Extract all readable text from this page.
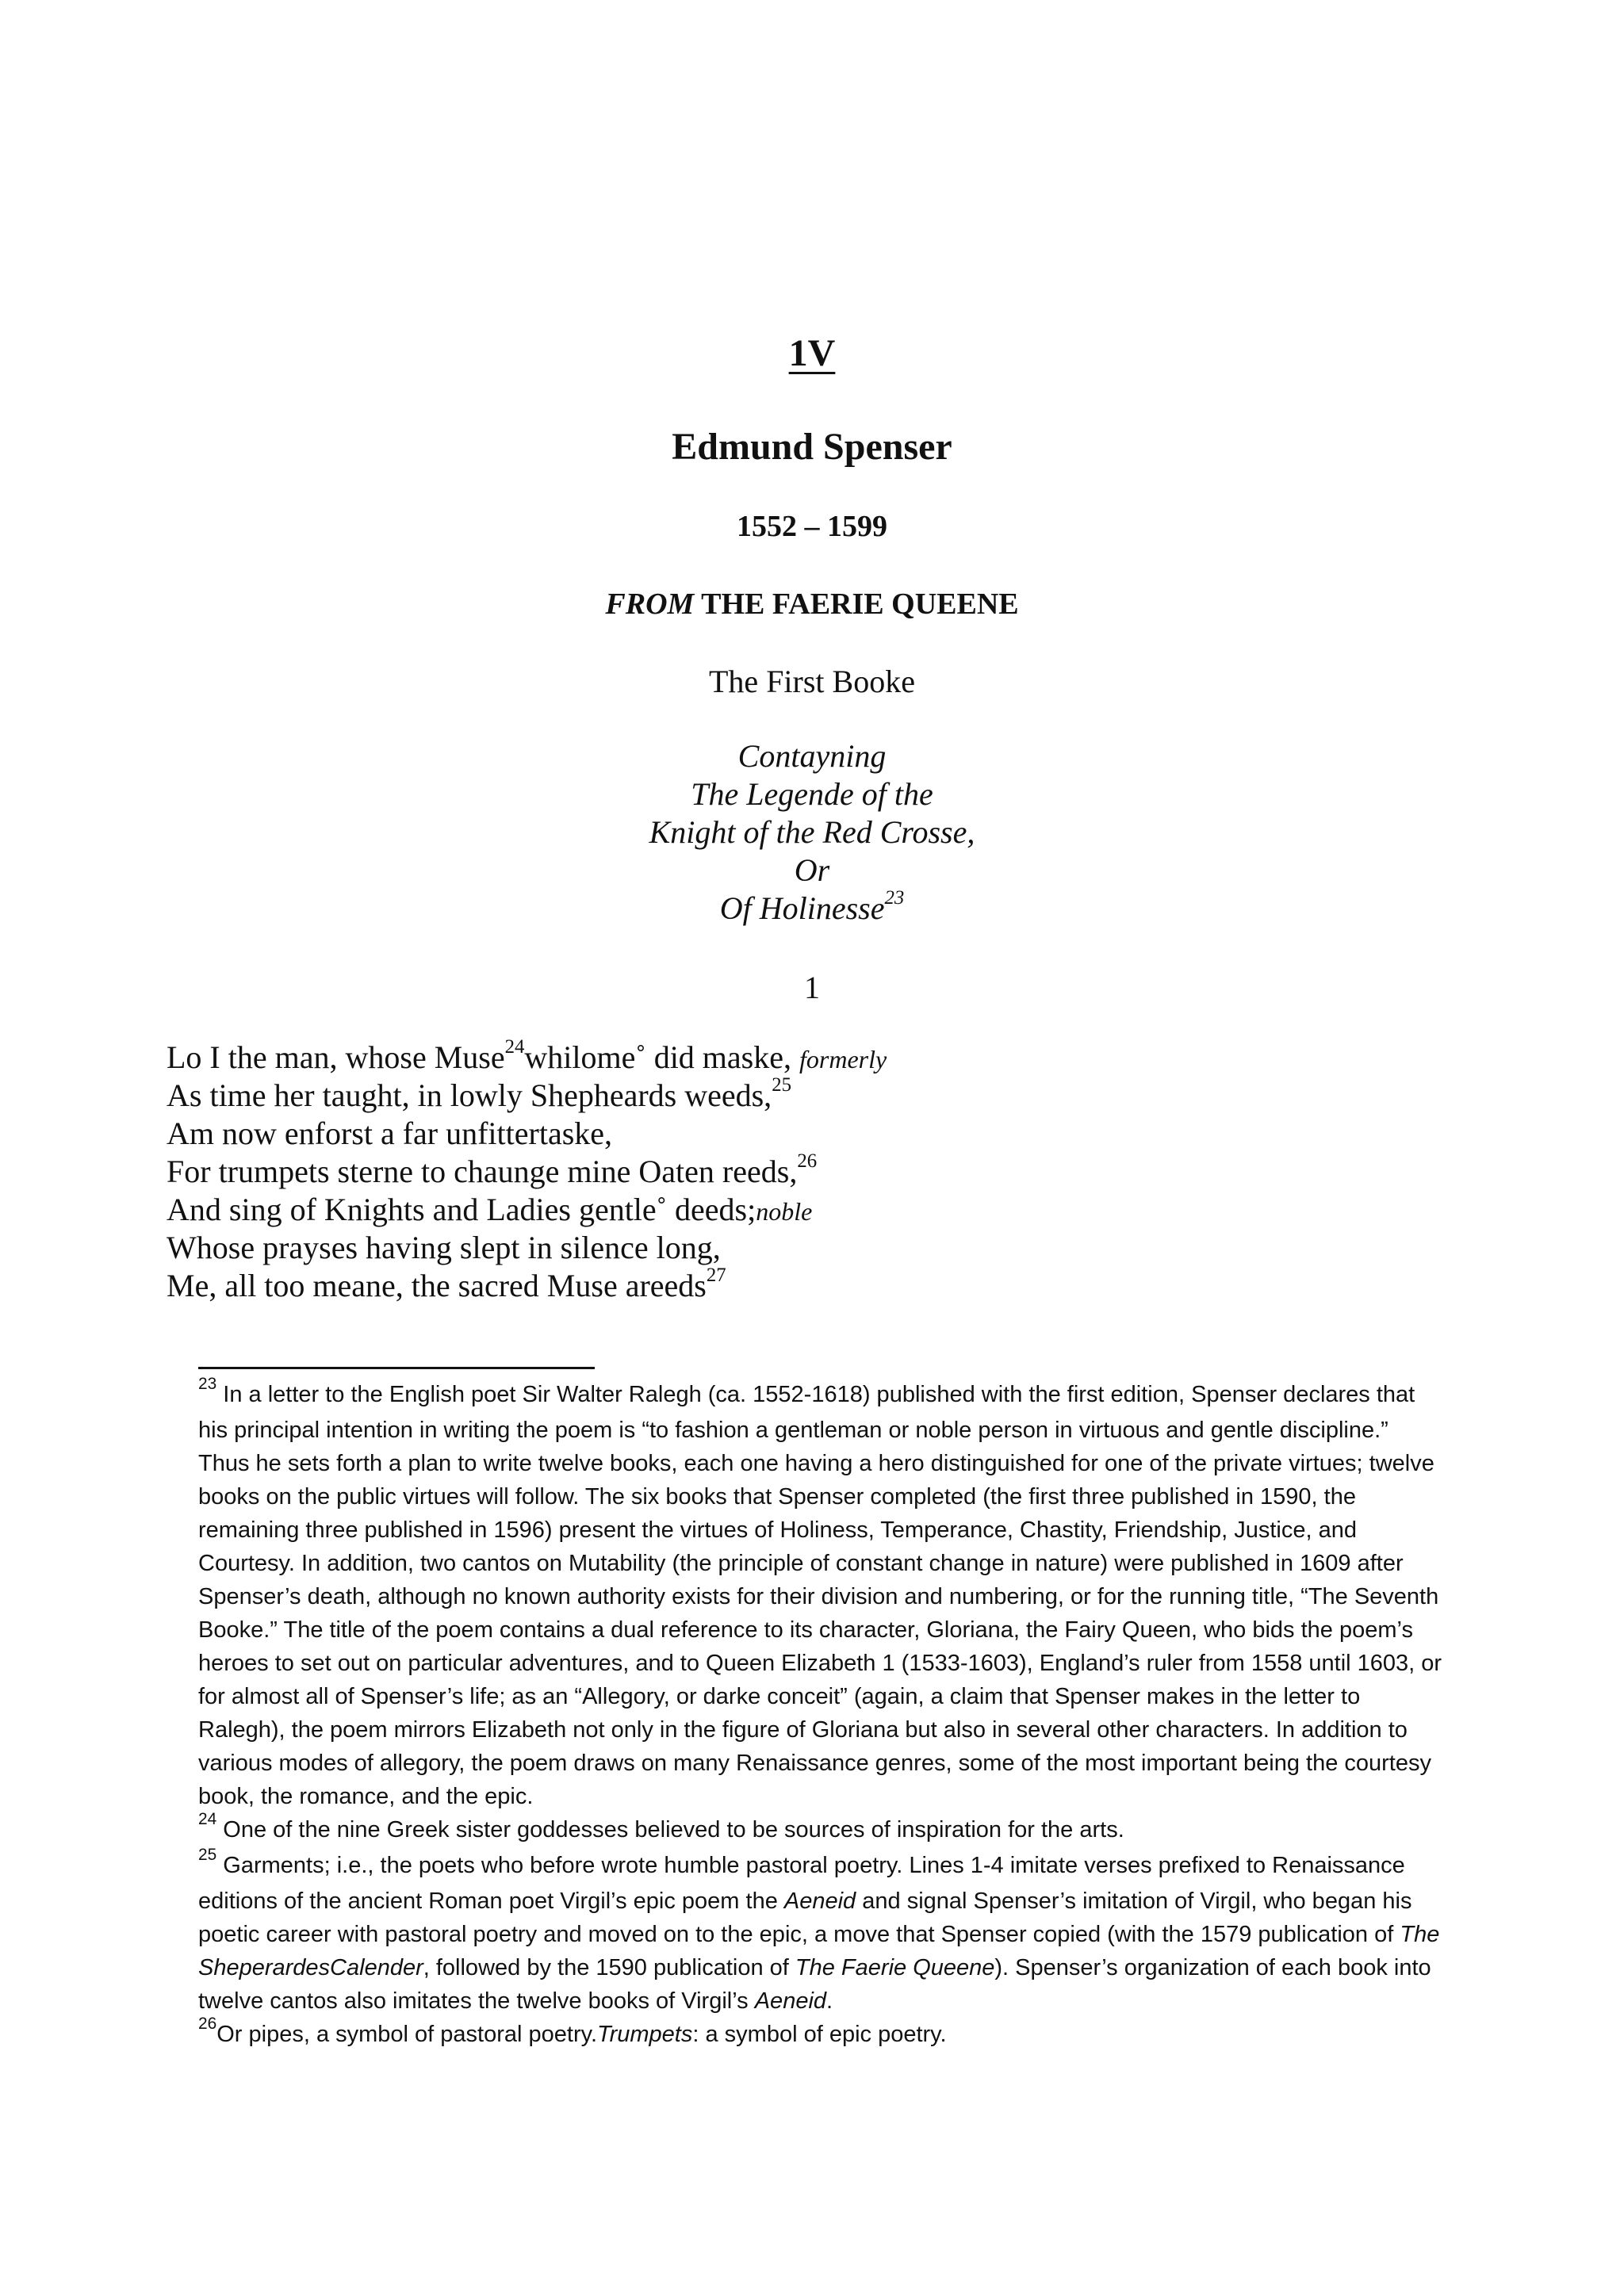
1V
Edmund Spenser
1552 – 1599
FROM THE FAERIE QUEENE
The First Booke
Contayning
The Legende of the
Knight of the Red Crosse,
Or
Of Holinesse$^{23}$
1
Lo I the man, whose Muse$^{24}$whilome˚ did maske, formerly
As time her taught, in lowly Shepheards weeds,$^{25}$
Am now enforst a far unfittertaske,
For trumpets sterne to chaunge mine Oaten reeds,$^{26}$
And sing of Knights and Ladies gentle˚ deeds;noble
Whose prayses having slept in silence long,
Me, all too meane, the sacred Muse areeds$^{27}$

$^{23}$ In a letter to the English poet Sir Walter Ralegh (ca. 1552-1618) published with the first edition, Spenser declares that his principal intention in writing the poem is “to fashion a gentleman or noble person in virtuous and gentle discipline.” Thus he sets forth a plan to write twelve books, each one having a hero distinguished for one of the private virtues; twelve books on the public virtues will follow. The six books that Spenser completed (the first three published in 1590, the remaining three published in 1596) present the virtues of Holiness, Temperance, Chastity, Friendship, Justice, and Courtesy. In addition, two cantos on Mutability (the principle of constant change in nature) were published in 1609 after Spenser’s death, although no known authority exists for their division and numbering, or for the running title, “The Seventh Booke.” The title of the poem contains a dual reference to its character, Gloriana, the Fairy Queen, who bids the poem’s heroes to set out on particular adventures, and to Queen Elizabeth 1 (1533-1603), England’s ruler from 1558 until 1603, or for almost all of Spenser’s life; as an “Allegory, or darke conceit” (again, a claim that Spenser makes in the letter to Ralegh), the poem mirrors Elizabeth not only in the figure of Gloriana but also in several other characters. In addition to various modes of allegory, the poem draws on many Renaissance genres, some of the most important being the courtesy book, the romance, and the epic.

$^{24}$ One of the nine Greek sister goddesses believed to be sources of inspiration for the arts.

$^{25}$ Garments; i.e., the poets who before wrote humble pastoral poetry. Lines 1-4 imitate verses prefixed to Renaissance editions of the ancient Roman poet Virgil’s epic poem the Aeneid and signal Spenser’s imitation of Virgil, who began his poetic career with pastoral poetry and moved on to the epic, a move that Spenser copied (with the 1579 publication of The SheperardesCalender, followed by the 1590 publication of The Faerie Queene). Spenser’s organization of each book into twelve cantos also imitates the twelve books of Virgil’s Aeneid.

$^{26}$Or pipes, a symbol of pastoral poetry.Trumpets: a symbol of epic poetry.
